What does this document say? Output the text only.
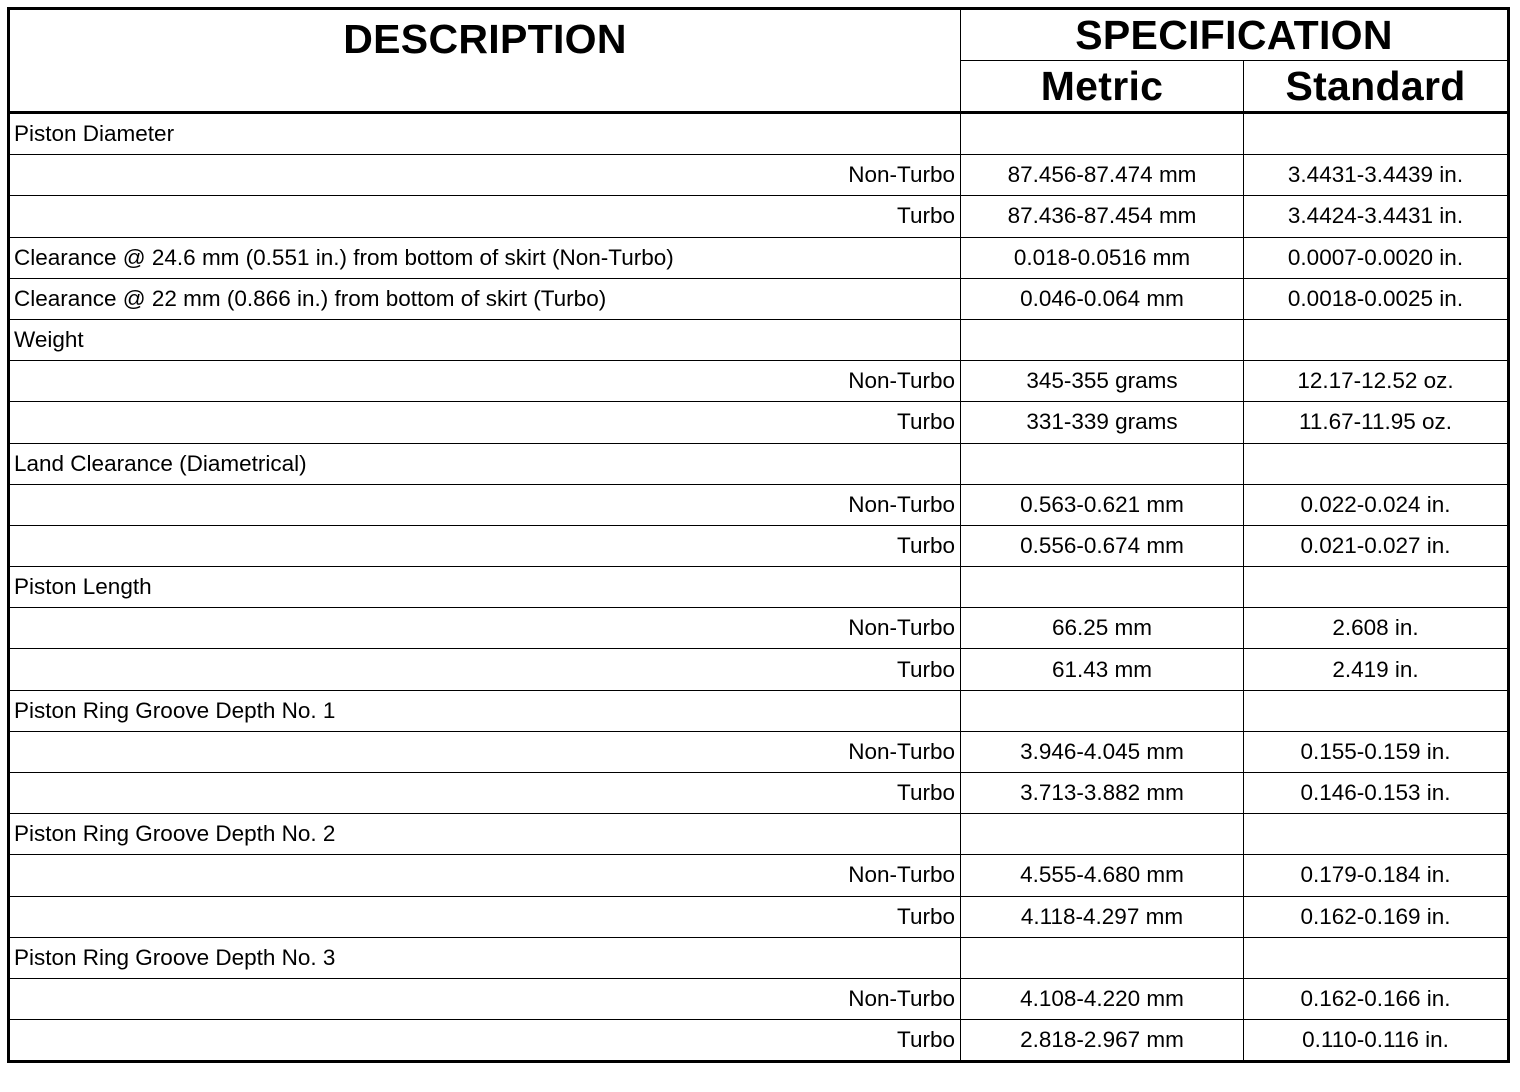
DESCRIPTION	SPECIFICATION	
	Metric	Standard
Piston Diameter		
Non-Turbo	87.456-87.474 mm	3.4431-3.4439 in.
Turbo	87.436-87.454 mm	3.4424-3.4431 in.
Clearance @ 24.6 mm (0.551 in.) from bottom of skirt (Non-Turbo)	0.018-0.0516 mm	0.0007-0.0020 in.
Clearance @ 22 mm (0.866 in.) from bottom of skirt (Turbo)	0.046-0.064 mm	0.0018-0.0025 in.
Weight		
Non-Turbo	345-355 grams	12.17-12.52 oz.
Turbo	331-339 grams	11.67-11.95 oz.
Land Clearance (Diametrical)		
Non-Turbo	0.563-0.621 mm	0.022-0.024 in.
Turbo	0.556-0.674 mm	0.021-0.027 in.
Piston Length		
Non-Turbo	66.25 mm	2.608 in.
Turbo	61.43 mm	2.419 in.
Piston Ring Groove Depth No. 1		
Non-Turbo	3.946-4.045 mm	0.155-0.159 in.
Turbo	3.713-3.882 mm	0.146-0.153 in.
Piston Ring Groove Depth No. 2		
Non-Turbo	4.555-4.680 mm	0.179-0.184 in.
Turbo	4.118-4.297 mm	0.162-0.169 in.
Piston Ring Groove Depth No. 3		
Non-Turbo	4.108-4.220 mm	0.162-0.166 in.
Turbo	2.818-2.967 mm	0.110-0.116 in.
